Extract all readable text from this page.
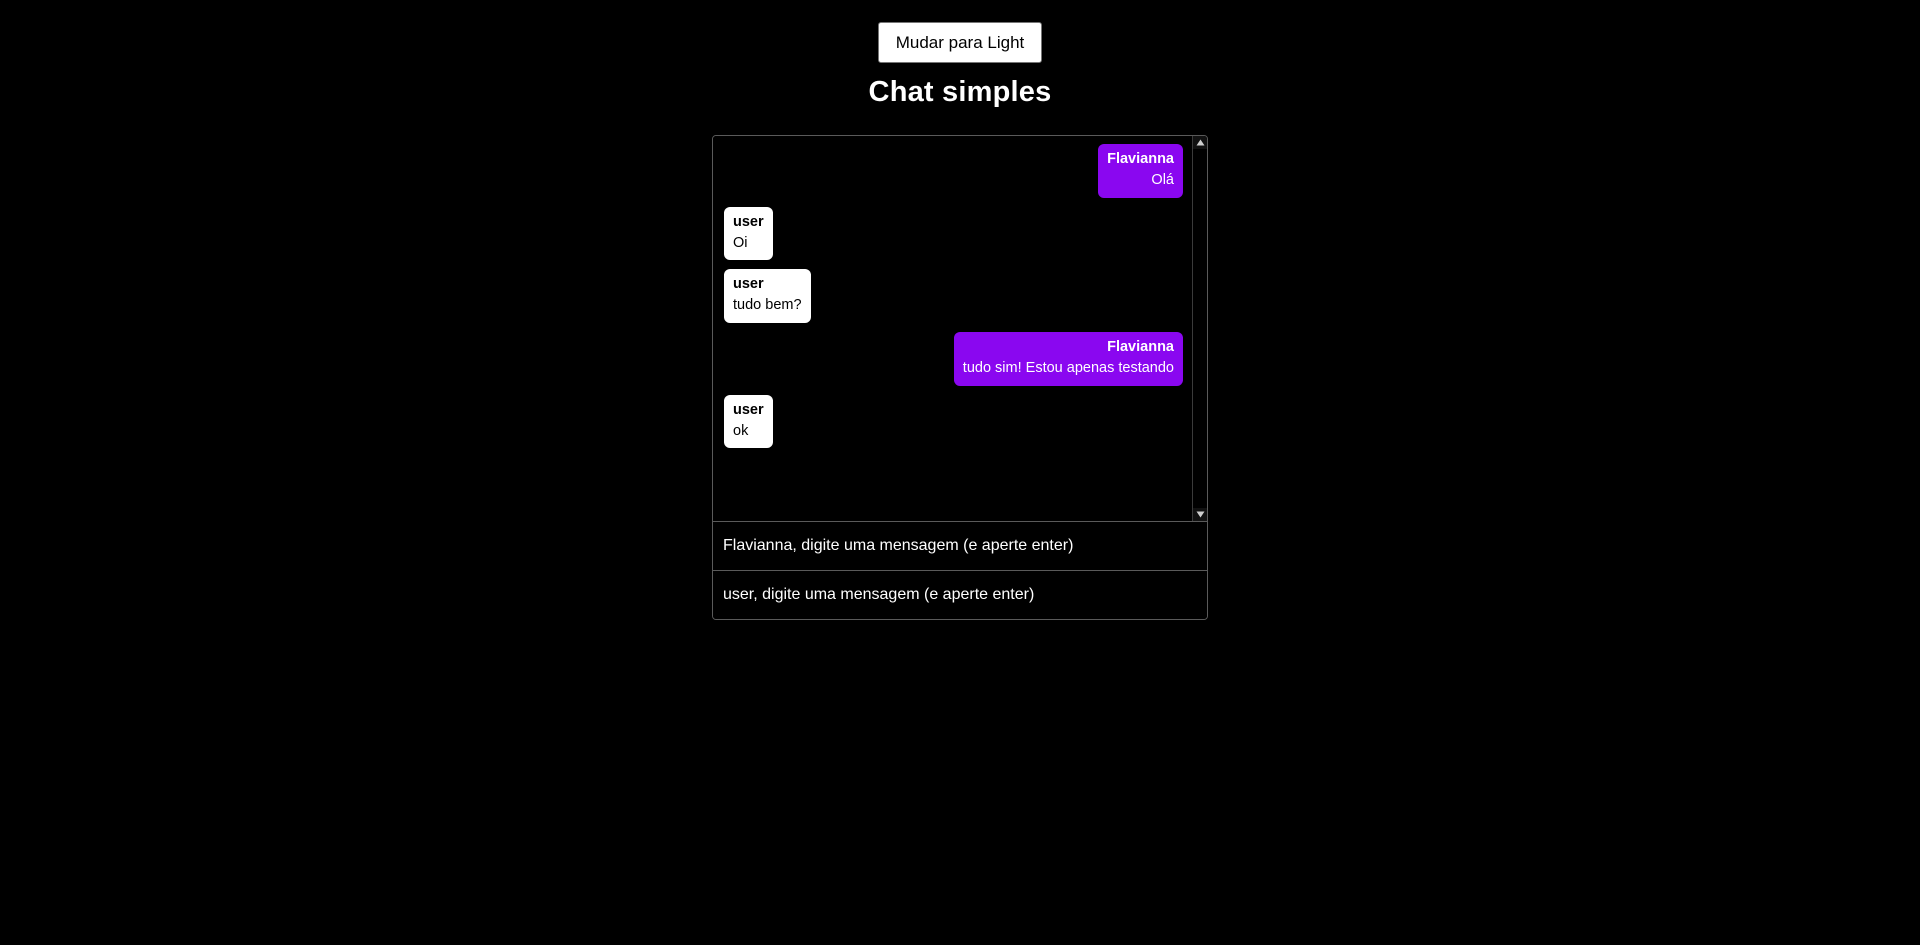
Mudar para Light
Chat simples
Flavianna
Olá
user
Oi
user
tudo bem?
Flavianna
tudo sim! Estou apenas testando
user
ok
Flavianna, digite uma mensagem (e aperte enter)
user, digite uma mensagem (e aperte enter)
